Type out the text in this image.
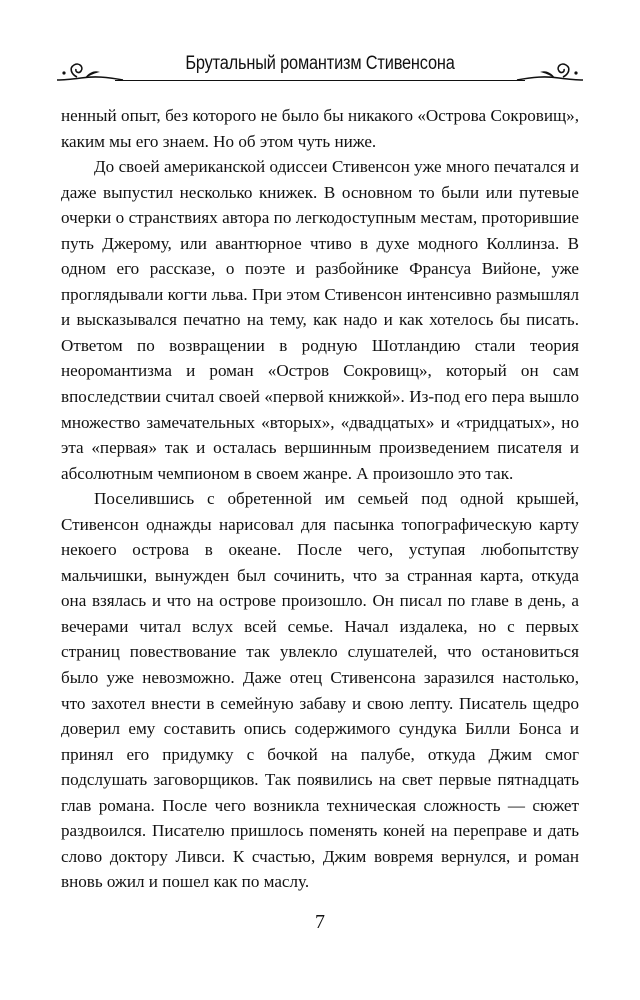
Брутальный романтизм Стивенсона

ненный опыт, без которого не было бы никакого «Острова Сокровищ», каким мы его знаем. Но об этом чуть ниже.

До своей американской одиссеи Стивенсон уже много печатался и даже выпустил несколько книжек. В основном то были или путевые очерки о странствиях автора по легкодоступным местам, проторившие путь Джерому, или авантюрное чтиво в духе модного Коллинза. В одном его рассказе, о поэте и разбойнике Франсуа Вийоне, уже проглядывали когти льва. При этом Стивенсон интенсивно размышлял и высказывался печатно на тему, как надо и как хотелось бы писать. Ответом по возвращении в родную Шотландию стали теория неоромантизма и роман «Остров Сокровищ», который он сам впоследствии считал своей «первой книжкой». Из-под его пера вышло множество замечательных «вторых», «двадцатых» и «тридцатых», но эта «первая» так и осталась вершинным произведением писателя и абсолютным чемпионом в своем жанре. А произошло это так.

Поселившись с обретенной им семьей под одной крышей, Стивенсон однажды нарисовал для пасынка топографическую карту некоего острова в океане. После чего, уступая любопытству мальчишки, вынужден был сочинить, что за странная карта, откуда она взялась и что на острове произошло. Он писал по главе в день, а вечерами читал вслух всей семье. Начал издалека, но с первых страниц повествование так увлекло слушателей, что остановиться было уже невозможно. Даже отец Стивенсона заразился настолько, что захотел внести в семейную забаву и свою лепту. Писатель щедро доверил ему составить опись содержимого сундука Билли Бонса и принял его придумку с бочкой на палубе, откуда Джим смог подслушать заговорщиков. Так появились на свет первые пятнадцать глав романа. После чего возникла техническая сложность — сюжет раздвоился. Писателю пришлось поменять коней на переправе и дать слово доктору Ливси. К счастью, Джим вовремя вернулся, и роман вновь ожил и пошел как по маслу.

7
